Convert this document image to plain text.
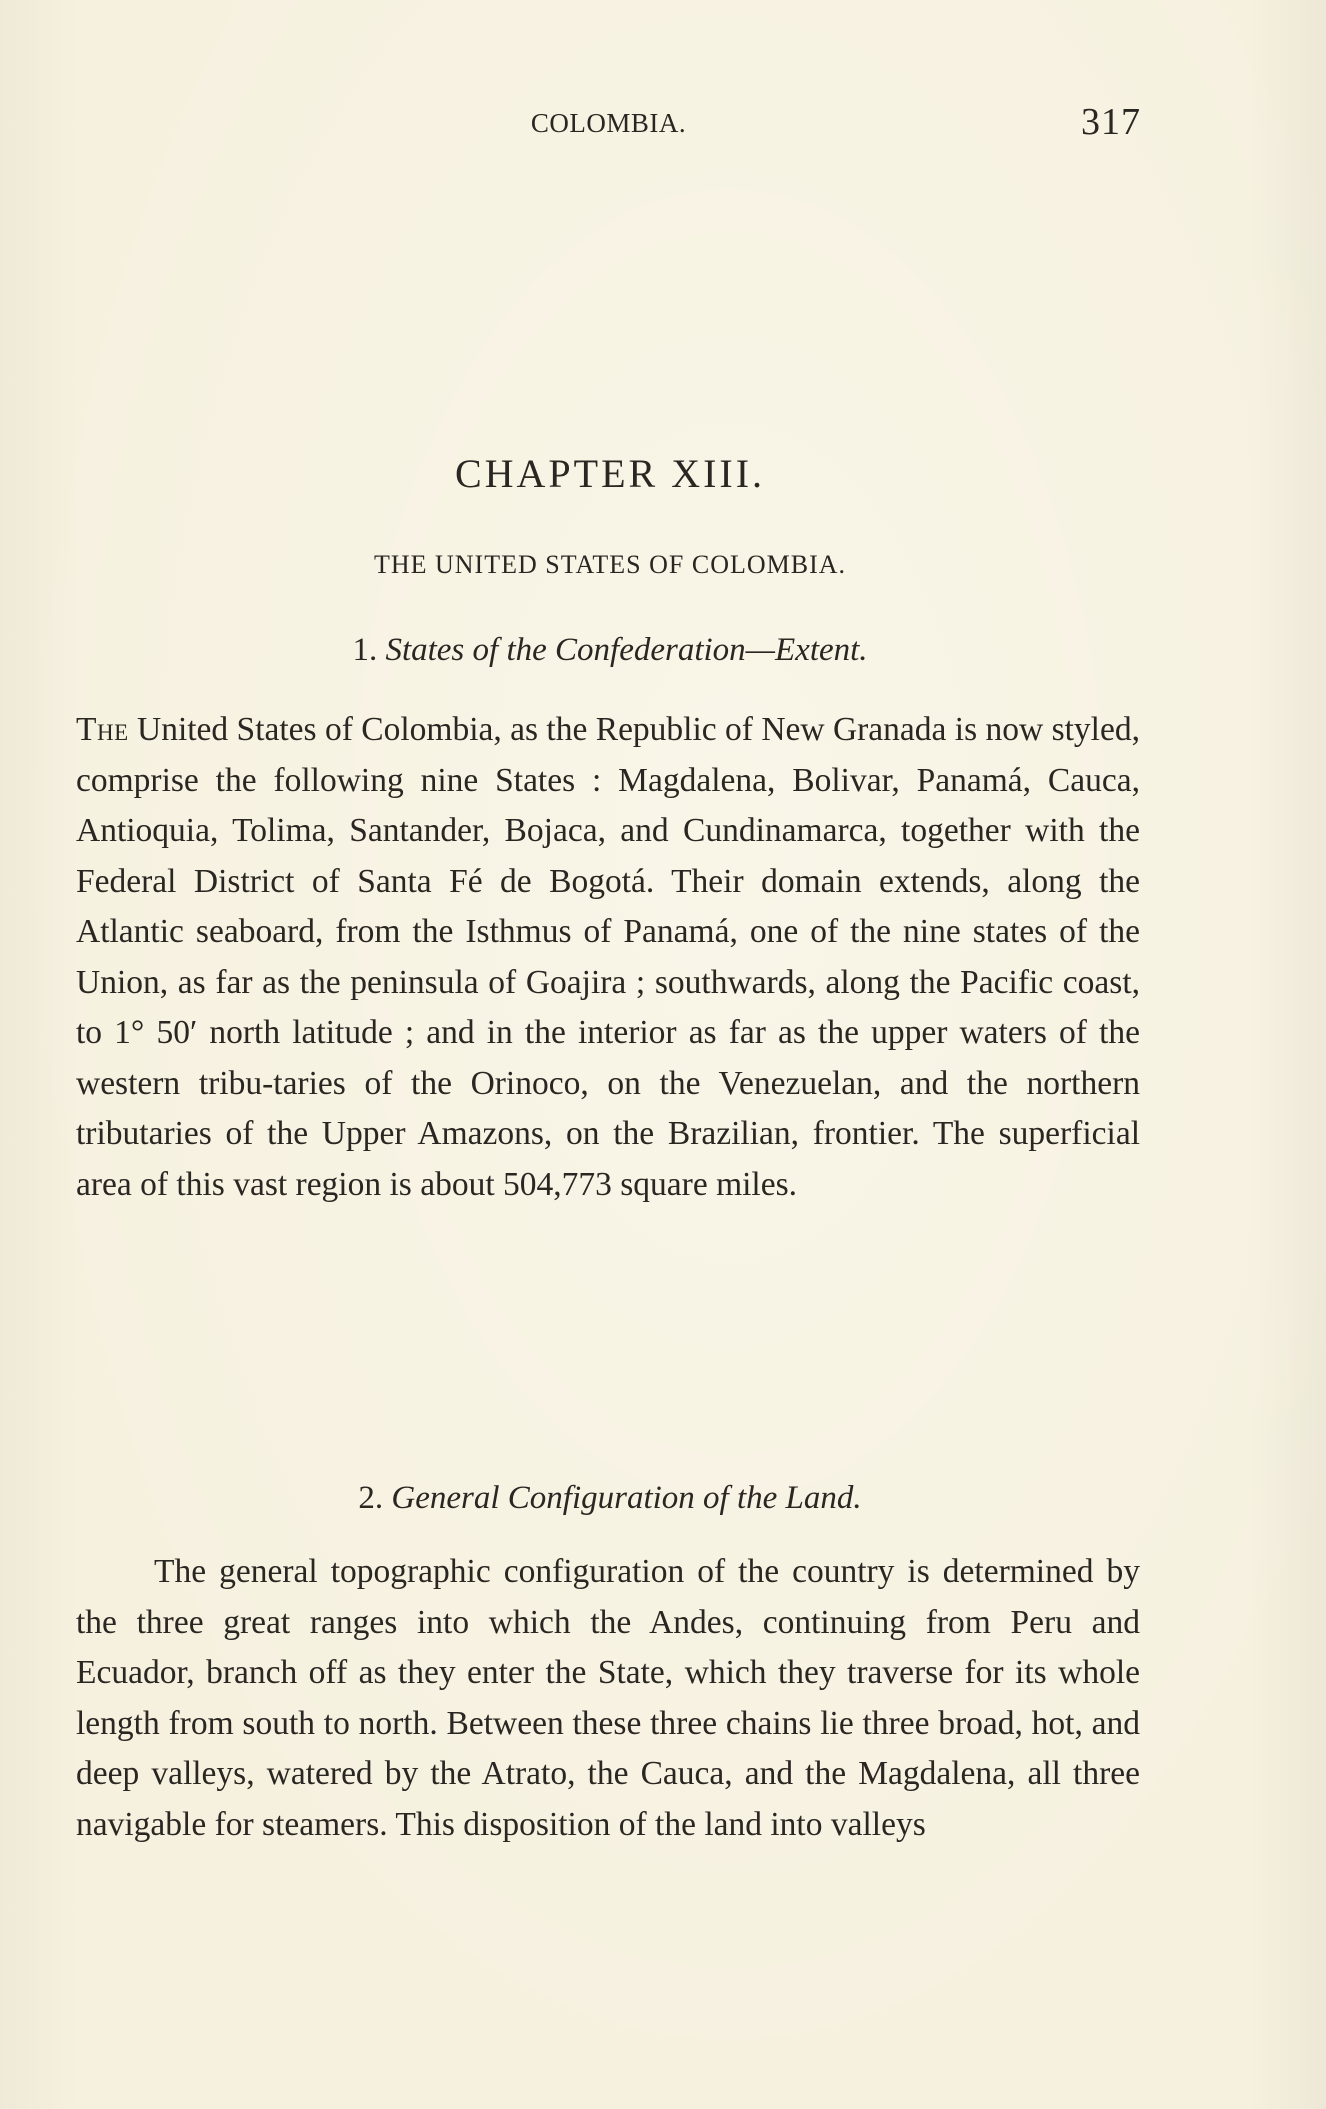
COLOMBIA.	317
CHAPTER XIII.
THE UNITED STATES OF COLOMBIA.
1. States of the Confederation—Extent.

The United States of Colombia, as the Republic of New Granada is now styled, comprise the following nine States : Magdalena, Bolivar, Panamá, Cauca, Antioquia, Tolima, Santander, Bojaca, and Cundinamarca, together with the Federal District of Santa Fé de Bogotá. Their domain extends, along the Atlantic seaboard, from the Isthmus of Panamá, one of the nine states of the Union, as far as the peninsula of Goajira ; southwards, along the Pacific coast, to 1° 50′ north latitude ; and in the interior as far as the upper waters of the western tribu-taries of the Orinoco, on the Venezuelan, and the northern tributaries of the Upper Amazons, on the Brazilian, frontier. The superficial area of this vast region is about 504,773 square miles.

2. General Configuration of the Land.

The general topographic configuration of the country is determined by the three great ranges into which the Andes, continuing from Peru and Ecuador, branch off as they enter the State, which they traverse for its whole length from south to north. Between these three chains lie three broad, hot, and deep valleys, watered by the Atrato, the Cauca, and the Magdalena, all three navigable for steamers. This disposition of the land into valleys
